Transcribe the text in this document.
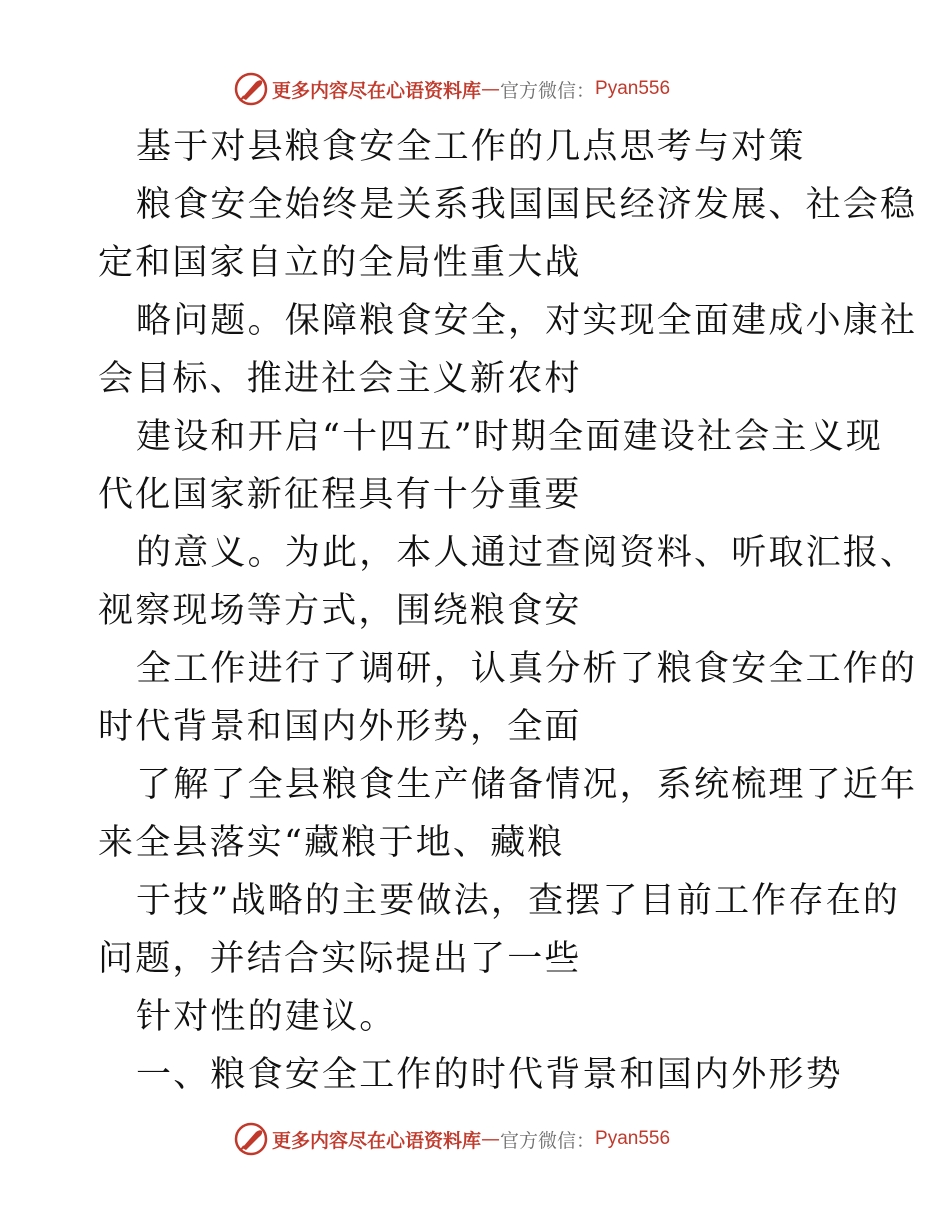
更多内容尽在心语资料库 — 官方微信： Pyan556
基于对县粮食安全工作的几点思考与对策
粮食安全始终是关系我国国民经济发展、社会稳
定和国家自立的全局性重大战
略问题。保障粮食安全，对实现全面建成小康社
会目标、推进社会主义新农村
建设和开启“十四五”时期全面建设社会主义现
代化国家新征程具有十分重要
的意义。为此，本人通过查阅资料、听取汇报、
视察现场等方式，围绕粮食安
全工作进行了调研，认真分析了粮食安全工作的
时代背景和国内外形势，全面
了解了全县粮食生产储备情况，系统梳理了近年
来全县落实“藏粮于地、藏粮
于技”战略的主要做法，查摆了目前工作存在的
问题，并结合实际提出了一些
针对性的建议。
一、粮食安全工作的时代背景和国内外形势
更多内容尽在心语资料库 — 官方微信： Pyan556
